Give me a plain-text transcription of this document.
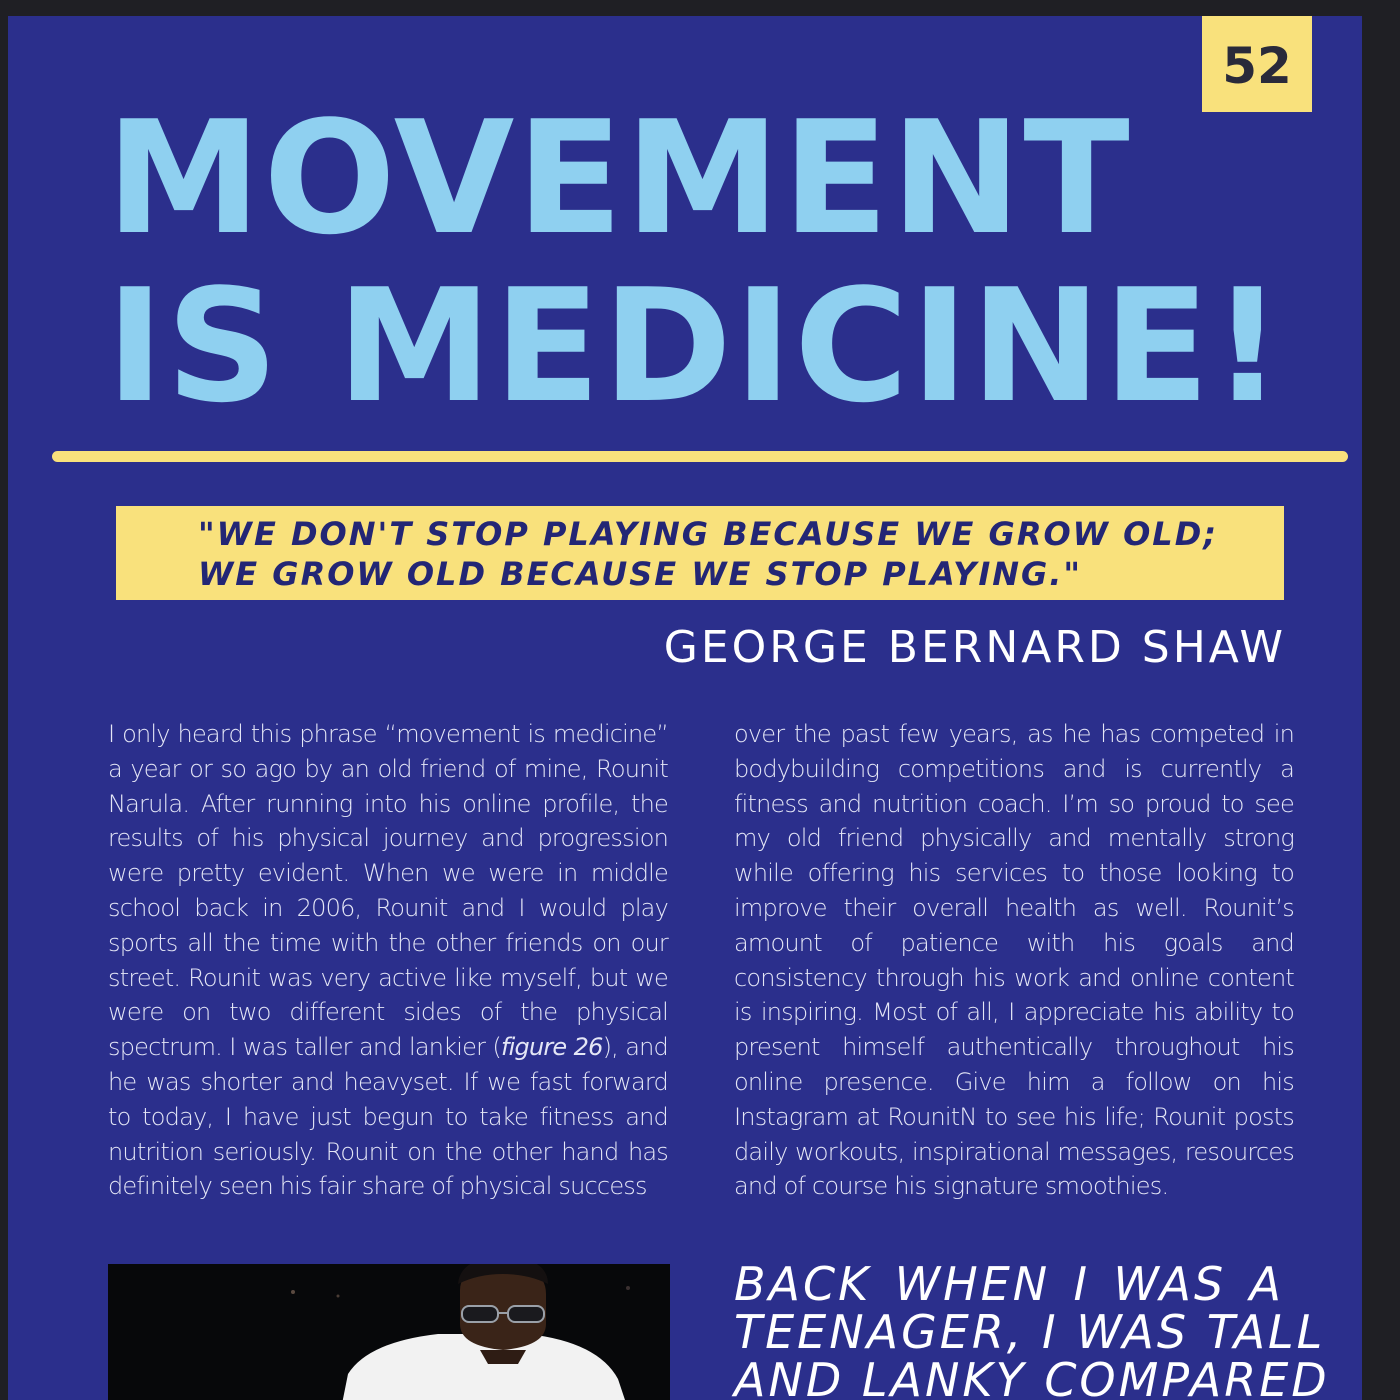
52
MOVEMENT
IS MEDICINE!

"WE DON'T STOP PLAYING BECAUSE WE GROW OLD;
WE GROW OLD BECAUSE WE STOP PLAYING."

GEORGE BERNARD SHAW

I only heard this phrase “movement is medicine” a year or so ago by an old friend of mine, Rounit Narula. After running into his online profile, the results of his physical journey and progression were pretty evident. When we were in middle school back in 2006, Rounit and I would play sports all the time with the other friends on our street. Rounit was very active like myself, but we were on two different sides of the physical spectrum. I was taller and lankier (figure 26), and he was shorter and heavyset. If we fast forward to today, I have just begun to take fitness and nutrition seriously. Rounit on the other hand has definitely seen his fair share of physical success

over the past few years, as he has competed in bodybuilding competitions and is currently a fitness and nutrition coach. I’m so proud to see my old friend physically and mentally strong while offering his services to those looking to improve their overall health as well. Rounit’s amount of patience with his goals and consistency through his work and online content is inspiring. Most of all, I appreciate his ability to present himself authentically throughout his online presence. Give him a follow on his Instagram at RounitN to see his life; Rounit posts daily workouts, inspirational messages, resources and of course his signature smoothies.

BACK WHEN I WAS A
TEENAGER, I WAS TALL
AND LANKY COMPARED
